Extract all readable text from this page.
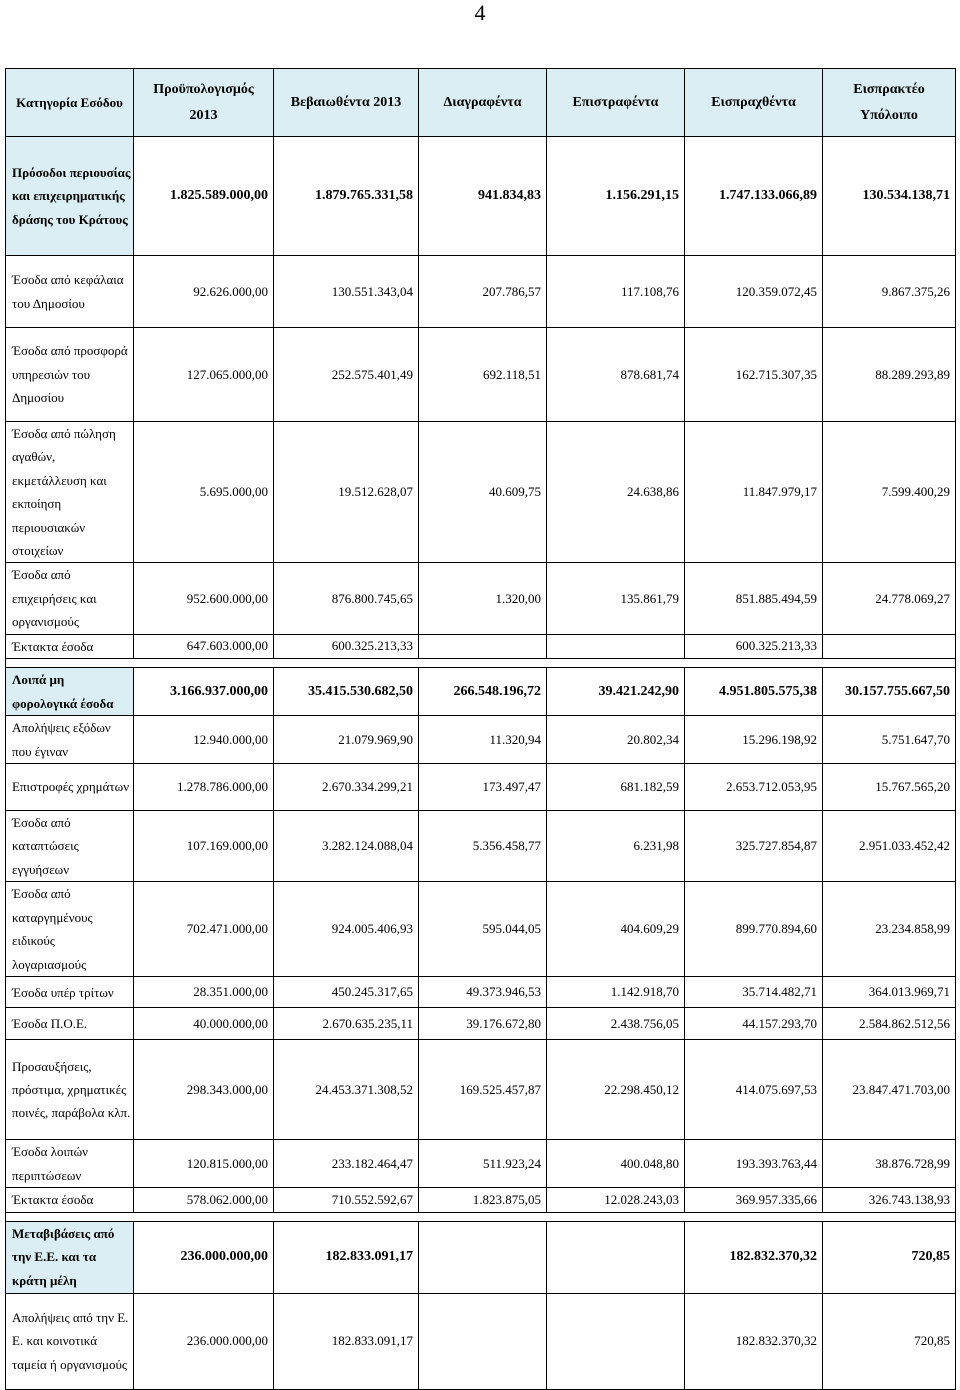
4
Κατηγορία Εσόδου	Προϋπολογισμός 2013	Βεβαιωθέντα 2013	Διαγραφέντα	Επιστραφέντα	Εισπραχθέντα	Εισπρακτέο Υπόλοιπο
Πρόσοδοι περιουσίας και επιχειρηματικής δράσης του Κράτους	1.825.589.000,00	1.879.765.331,58	941.834,83	1.156.291,15	1.747.133.066,89	130.534.138,71
Έσοδα από κεφάλαια του Δημοσίου	92.626.000,00	130.551.343,04	207.786,57	117.108,76	120.359.072,45	9.867.375,26
Έσοδα από προσφορά υπηρεσιών του Δημοσίου	127.065.000,00	252.575.401,49	692.118,51	878.681,74	162.715.307,35	88.289.293,89
Έσοδα από πώληση αγαθών, εκμετάλλευση και εκποίηση περιουσιακών στοιχείων	5.695.000,00	19.512.628,07	40.609,75	24.638,86	11.847.979,17	7.599.400,29
Έσοδα από επιχειρήσεις και οργανισμούς	952.600.000,00	876.800.745,65	1.320,00	135.861,79	851.885.494,59	24.778.069,27
Έκτακτα έσοδα	647.603.000,00	600.325.213,33			600.325.213,33	

Λοιπά μη φορολογικά έσοδα	3.166.937.000,00	35.415.530.682,50	266.548.196,72	39.421.242,90	4.951.805.575,38	30.157.755.667,50
Απολήψεις εξόδων που έγιναν	12.940.000,00	21.079.969,90	11.320,94	20.802,34	15.296.198,92	5.751.647,70
Επιστροφές χρημάτων	1.278.786.000,00	2.670.334.299,21	173.497,47	681.182,59	2.653.712.053,95	15.767.565,20
Έσοδα από καταπτώσεις εγγυήσεων	107.169.000,00	3.282.124.088,04	5.356.458,77	6.231,98	325.727.854,87	2.951.033.452,42
Έσοδα από καταργημένους ειδικούς λογαριασμούς	702.471.000,00	924.005.406,93	595.044,05	404.609,29	899.770.894,60	23.234.858,99
Έσοδα υπέρ τρίτων	28.351.000,00	450.245.317,65	49.373.946,53	1.142.918,70	35.714.482,71	364.013.969,71
Έσοδα Π.Ο.Ε.	40.000.000,00	2.670.635.235,11	39.176.672,80	2.438.756,05	44.157.293,70	2.584.862.512,56
Προσαυξήσεις, πρόστιμα, χρηματικές ποινές, παράβολα κλπ.	298.343.000,00	24.453.371.308,52	169.525.457,87	22.298.450,12	414.075.697,53	23.847.471.703,00
Έσοδα λοιπών περιπτώσεων	120.815.000,00	233.182.464,47	511.923,24	400.048,80	193.393.763,44	38.876.728,99
Έκτακτα έσοδα	578.062.000,00	710.552.592,67	1.823.875,05	12.028.243,03	369.957.335,66	326.743.138,93

Μεταβιβάσεις από την Ε.Ε. και τα κράτη μέλη	236.000.000,00	182.833.091,17			182.832.370,32	720,85
Απολήψεις από την Ε. Ε. και κοινοτικά ταμεία ή οργανισμούς	236.000.000,00	182.833.091,17			182.832.370,32	720,85
